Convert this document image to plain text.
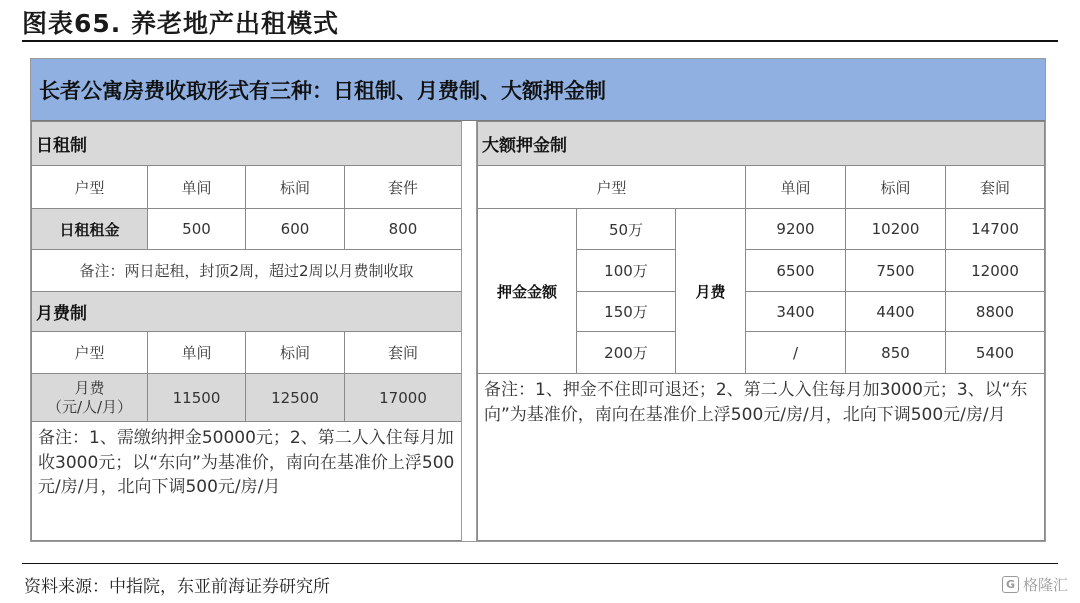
图表65. 养老地产出租模式
长者公寓房费收取形式有三种：日租制、月费制、大额押金制
日租制			
户型	单间	标间	套件
日租租金	500	600	800
备注：两日起租，封顶2周，超过2周以月费制收取			
月费制			
户型	单间	标间	套间
月费
（元/人/月）	11500	12500	17000
备注：1、需缴纳押金50000元；2、第二人入住每月加收3000元；以“东向”为基准价，南向在基准价上浮500元/房/月，北向下调500元/房/月			
大额押金制					
户型			单间	标间	套间
押金金额	50万	月费	9200	10200	14700
	100万		6500	7500	12000
	150万		3400	4400	8800
	200万		/	850	5400
备注：1、押金不住即可退还；2、第二人入住每月加3000元；3、以“东向”为基准价，南向在基准价上浮500元/房/月，北向下调500元/房/月					
资料来源：中指院，东亚前海证券研究所	G 格隆汇
